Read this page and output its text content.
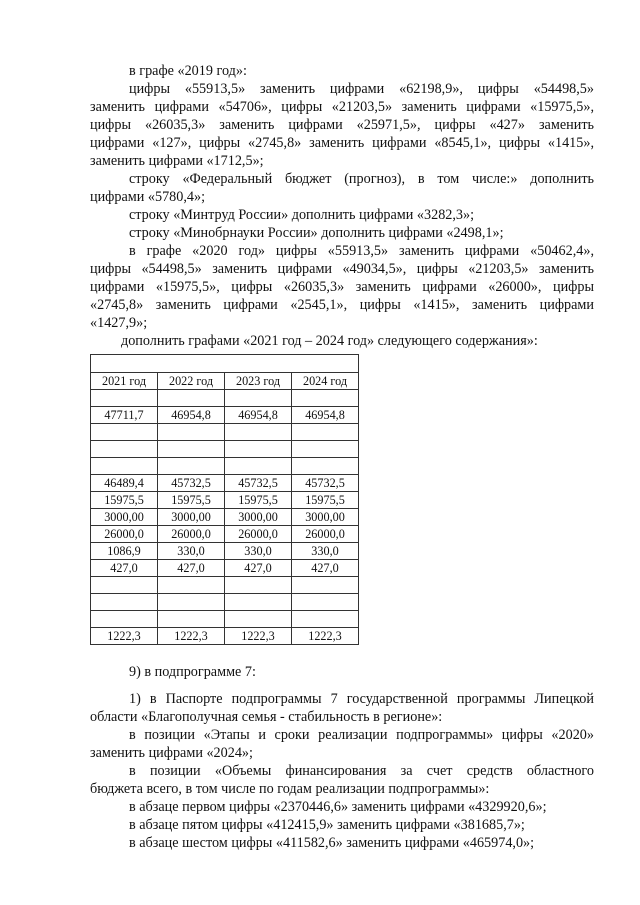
в графе «2019 год»:
цифры «55913,5» заменить цифрами «62198,9», цифры «54498,5»
заменить цифрами «54706», цифры «21203,5» заменить цифрами «15975,5»,
цифры «26035,3» заменить цифрами «25971,5», цифры «427» заменить
цифрами «127», цифры «2745,8» заменить цифрами «8545,1», цифры «1415»,
заменить цифрами «1712,5»;
строку «Федеральный бюджет (прогноз), в том числе:» дополнить
цифрами «5780,4»;
строку «Минтруд России» дополнить цифрами «3282,3»;
строку «Минобрнауки России» дополнить цифрами «2498,1»;
в графе «2020 год» цифры «55913,5» заменить цифрами «50462,4»,
цифры «54498,5» заменить цифрами «49034,5», цифры «21203,5» заменить
цифрами «15975,5», цифры «26035,3» заменить цифрами «26000», цифры
«2745,8» заменить цифрами «2545,1», цифры «1415», заменить цифрами
«1427,9»;
дополнить графами «2021 год – 2024 год» следующего содержания»:

2021 год	2022 год	2023 год	2024 год

47711,7	46954,8	46954,8	46954,8

46489,4	45732,5	45732,5	45732,5
15975,5	15975,5	15975,5	15975,5
3000,00	3000,00	3000,00	3000,00
26000,0	26000,0	26000,0	26000,0
1086,9	330,0	330,0	330,0
427,0	427,0	427,0	427,0

1222,3	1222,3	1222,3	1222,3
9) в подпрограмме 7:
1) в Паспорте подпрограммы 7 государственной программы Липецкой
области «Благополучная семья - стабильность в регионе»:
в позиции «Этапы и сроки реализации подпрограммы» цифры «2020»
заменить цифрами «2024»;
в позиции «Объемы финансирования за счет средств областного
бюджета всего, в том числе по годам реализации подпрограммы»:
в абзаце первом цифры «2370446,6» заменить цифрами «4329920,6»;
в абзаце пятом цифры «412415,9» заменить цифрами «381685,7»;
в абзаце шестом цифры «411582,6» заменить цифрами «465974,0»;
